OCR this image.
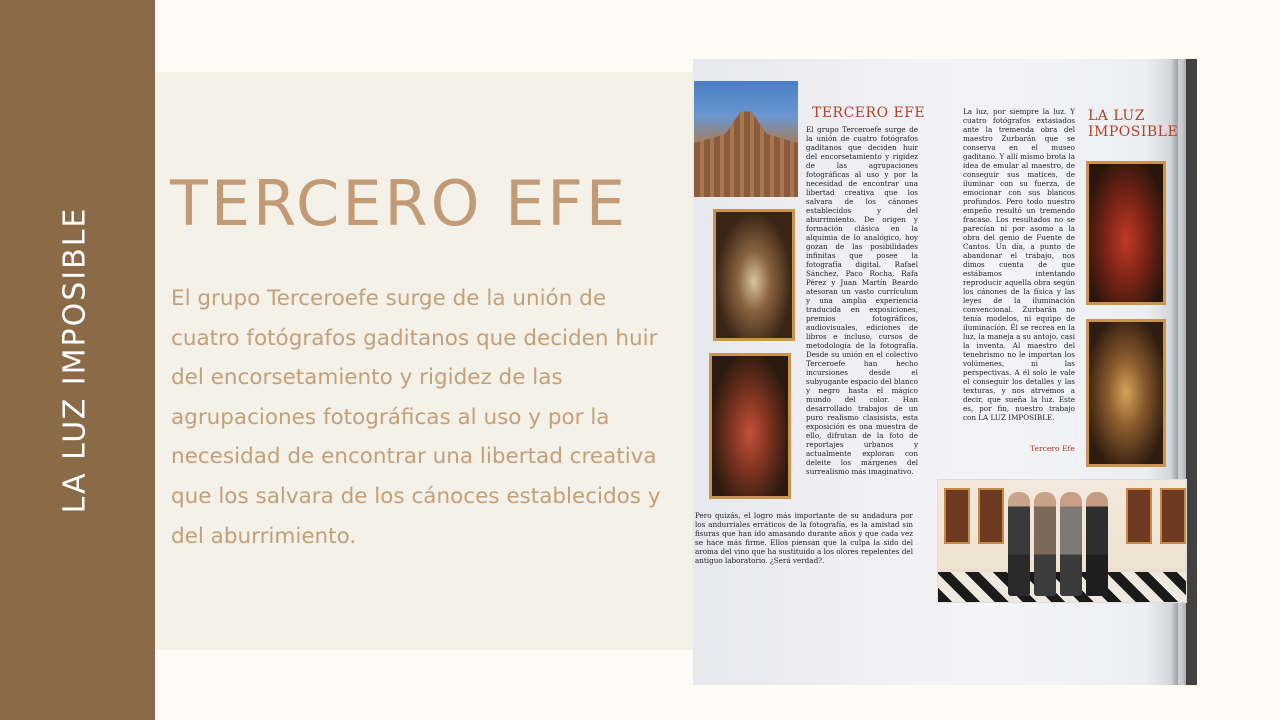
LA LUZ IMPOSIBLE
TERCERO EFE

El grupo Terceroefe surge de la unión de cuatro fotógrafos gaditanos que deciden huir del encorsetamiento y rigidez de las agrupaciones fotográficas al uso y por la necesidad de encontrar una libertad creativa que los salvara de los cánoces establecidos y del aburrimiento.

TERCERO EFE	LA LUZ IMPOSIBLE
El grupo Terceroefe surge de la unión de cuatro fotógrafos gaditanos que deciden huir del encorsetamiento y rigidez de las agrupaciones fotográficas al uso y por la necesidad de encontrar una libertad creativa que los salvara de los cánones establecidos y del aburrimiento. De origen y formación clásica en la alquimia de lo analógico, hoy gozan de las posibilidades infinitas que posee la fotografía digital. Rafael Sánchez, Paco Rocha, Rafa Pérez y Juan Martín Beardo atesoran un vasto currículum y una amplia experiencia traducida en exposiciones, premios fotográficos, audiovisuales, ediciones de libros e incluso, cursos de metodología de la fotografía. Desde su unión en el colectivo Terceroefe han hecho incursiones desde el subyugante espacio del blanco y negro hasta el mágico mundo del color. Han desarrollado trabajos de un puro realismo clasisista, esta exposición es una muestra de ello, difrutan de la foto de reportajes urbanos y actualmente exploran con deleite los márgenes del surrealismo más imaginativo.
La luz, por siempre la luz. Y cuatro fotógrafos extasiados ante la tremenda obra del maestro Zurbarán que se conserva en el museo gaditano. Y allí mismo brota la idea de emular al maestro, de conseguir sus matices, de iluminar con su fuerza, de emocionar con sus blancos profundos. Pero todo nuestro empeño resultó un tremendo fracaso. Los resultados no se parecían ni por asomo a la obra del genio de Fuente de Cantos. Un día, a punto de abandonar el trabajo, nos dimos cuenta de que estábamos intentando reproducir aquella obra según los cánones de la física y las leyes de la iluminación convencional. Zurbarán no tenía modelos, ni equipo de iluminación. Él se recrea en la luz, la maneja a su antojo, casi la inventa. Al maestro del tenebrismo no le importan los volúmenes, ni las perspectivas. A él solo le vale el conseguir los detalles y las texturas, y nos atrvemos a decir, que sueña la luz. Este es, por fin, nuestro trabajo con LA LUZ IMPOSIBLE.
Tercero Efe
Pero quizás, el logro más importante de su andadura por los andurriales erráticos de la fotografía, es la amistad sin fisuras que han ido amasando durante años y que cada vez se hace más firme. Ellos piensan que la culpa la sido del aroma del vino que ha sustituido a los olores repelentes del antiguo laboratorio. ¿Será verdad?.
